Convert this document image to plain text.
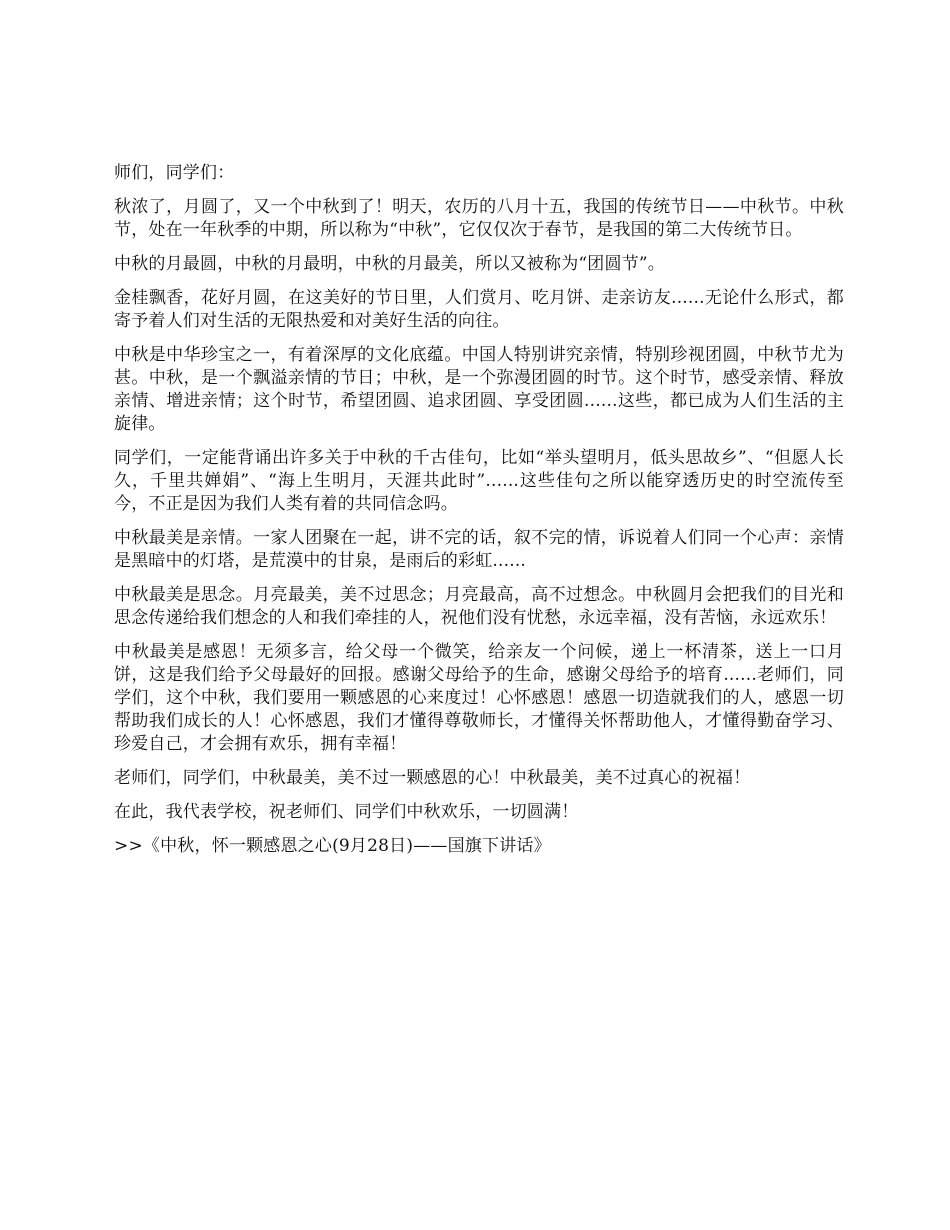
师们，同学们：

秋浓了，月圆了，又一个中秋到了！明天，农历的八月十五，我国的传统节日——中秋节。中秋节，处在一年秋季的中期，所以称为“中秋”，它仅仅次于春节，是我国的第二大传统节日。

中秋的月最圆，中秋的月最明，中秋的月最美，所以又被称为“团圆节”。

金桂飘香，花好月圆，在这美好的节日里，人们赏月、吃月饼、走亲访友......无论什么形式，都寄予着人们对生活的无限热爱和对美好生活的向往。

中秋是中华珍宝之一，有着深厚的文化底蕴。中国人特别讲究亲情，特别珍视团圆，中秋节尤为甚。中秋，是一个飘溢亲情的节日；中秋，是一个弥漫团圆的时节。这个时节，感受亲情、释放亲情、增进亲情；这个时节，希望团圆、追求团圆、享受团圆......这些，都已成为人们生活的主旋律。

同学们，一定能背诵出许多关于中秋的千古佳句，比如“举头望明月，低头思故乡”、“但愿人长久，千里共婵娟”、“海上生明月，天涯共此时”......这些佳句之所以能穿透历史的时空流传至今，不正是因为我们人类有着的共同信念吗。

中秋最美是亲情。一家人团聚在一起，讲不完的话，叙不完的情，诉说着人们同一个心声：亲情是黑暗中的灯塔，是荒漠中的甘泉，是雨后的彩虹......

中秋最美是思念。月亮最美，美不过思念；月亮最高，高不过想念。中秋圆月会把我们的目光和思念传递给我们想念的人和我们牵挂的人，祝他们没有忧愁，永远幸福，没有苦恼，永远欢乐！

中秋最美是感恩！无须多言，给父母一个微笑，给亲友一个问候，递上一杯清茶，送上一口月饼，这是我们给予父母最好的回报。感谢父母给予的生命，感谢父母给予的培育......老师们，同学们，这个中秋，我们要用一颗感恩的心来度过！心怀感恩！感恩一切造就我们的人，感恩一切帮助我们成长的人！心怀感恩，我们才懂得尊敬师长，才懂得关怀帮助他人，才懂得勤奋学习、珍爱自己，才会拥有欢乐，拥有幸福！

老师们，同学们，中秋最美，美不过一颗感恩的心！中秋最美，美不过真心的祝福！

在此，我代表学校，祝老师们、同学们中秋欢乐，一切圆满！

>>《中秋，怀一颗感恩之心(9月28日)——国旗下讲话》
